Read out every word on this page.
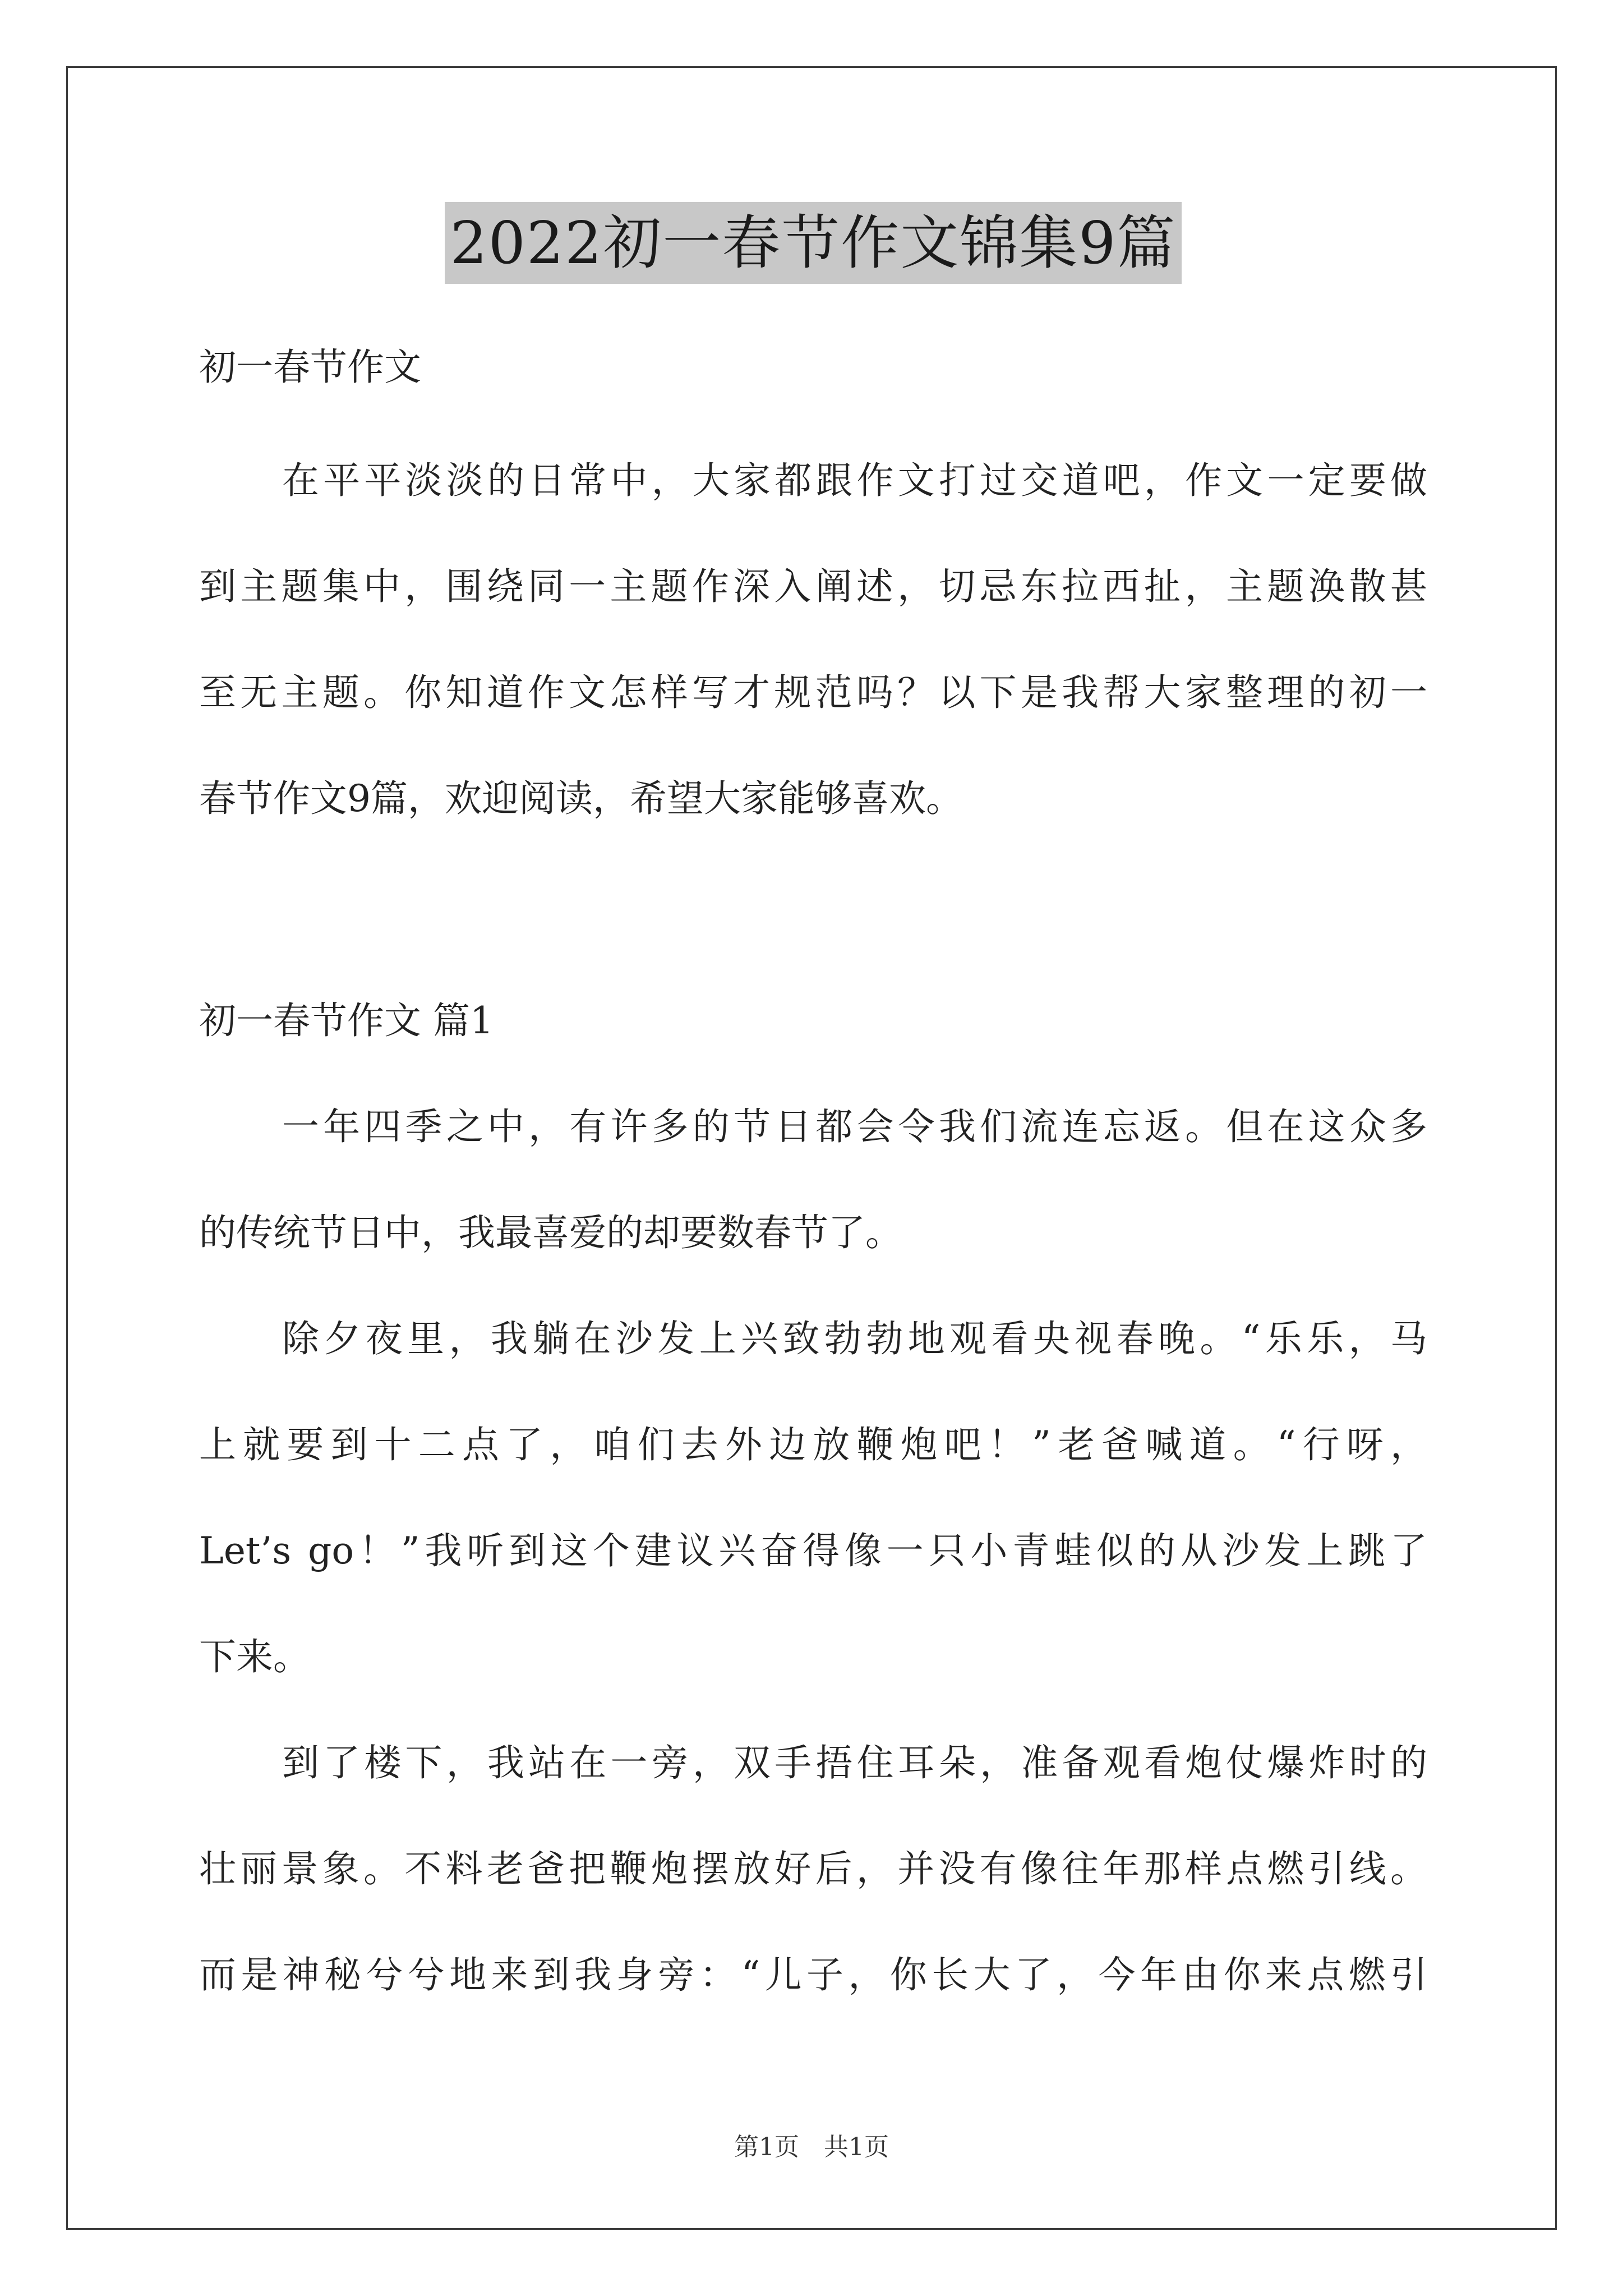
2022初一春节作文锦集9篇
初一春节作文
在平平淡淡的日常中，大家都跟作文打过交道吧，作文一定要做
到主题集中，围绕同一主题作深入阐述，切忌东拉西扯，主题涣散甚
至无主题。你知道作文怎样写才规范吗？以下是我帮大家整理的初一
春节作文9篇，欢迎阅读，希望大家能够喜欢。
初一春节作文 篇1
一年四季之中，有许多的节日都会令我们流连忘返。但在这众多
的传统节日中，我最喜爱的却要数春节了。
除夕夜里，我躺在沙发上兴致勃勃地观看央视春晚。“乐乐，马
上就要到十二点了，咱们去外边放鞭炮吧！”老爸喊道。“行呀，
Let’s go！”我听到这个建议兴奋得像一只小青蛙似的从沙发上跳了
下来。
到了楼下，我站在一旁，双手捂住耳朵，准备观看炮仗爆炸时的
壮丽景象。不料老爸把鞭炮摆放好后，并没有像往年那样点燃引线。
而是神秘兮兮地来到我身旁：“儿子，你长大了，今年由你来点燃引
第1页　共1页
